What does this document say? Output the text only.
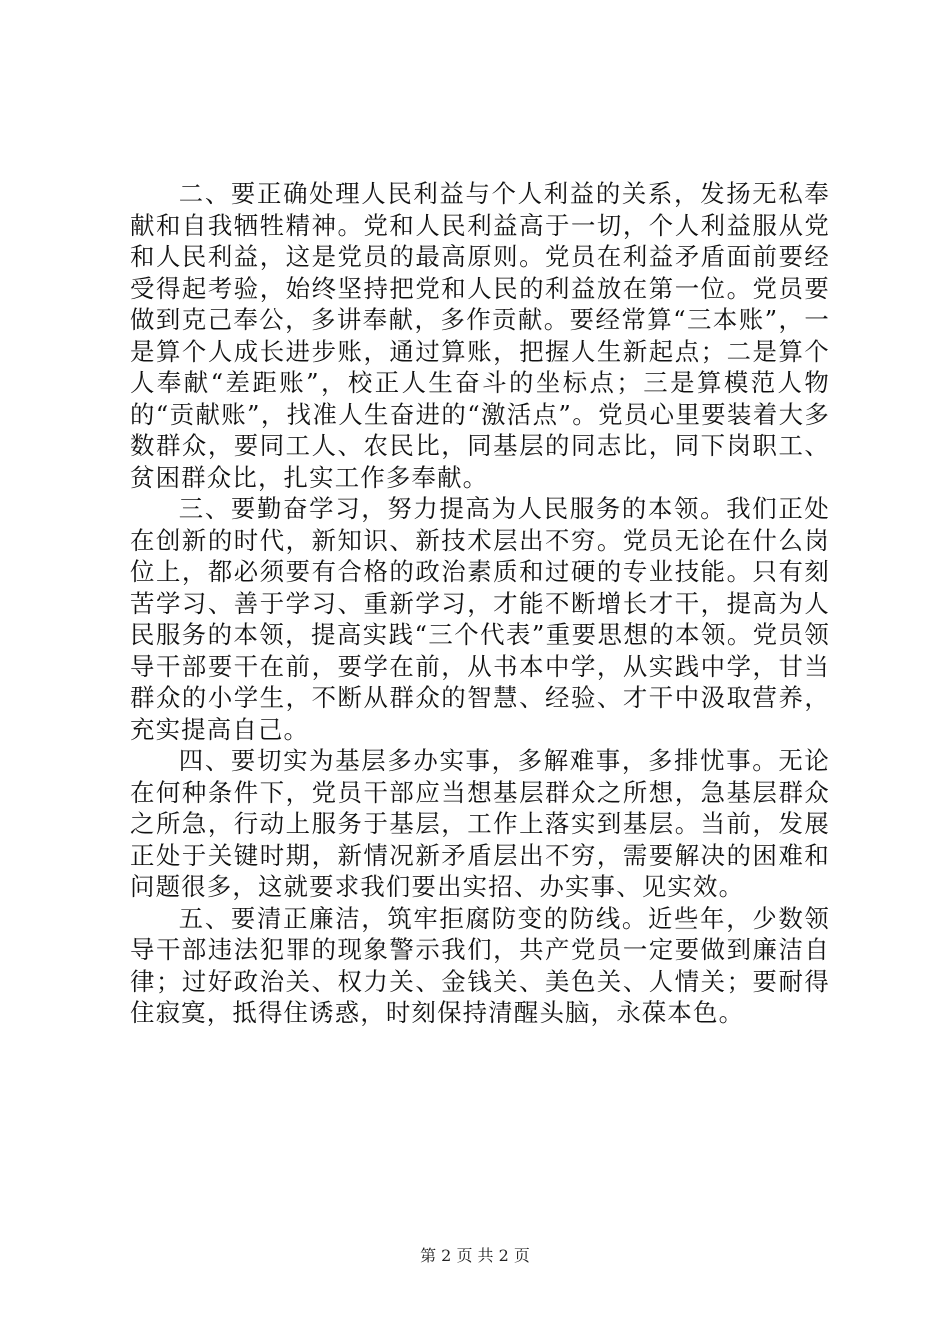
二、要正确处理人民利益与个人利益的关系，发扬无私奉献和自我牺牲精神。党和人民利益高于一切，个人利益服从党和人民利益，这是党员的最高原则。党员在利益矛盾面前要经受得起考验，始终坚持把党和人民的利益放在第一位。党员要做到克己奉公，多讲奉献，多作贡献。要经常算“三本账”，一是算个人成长进步账，通过算账，把握人生新起点；二是算个人奉献“差距账”，校正人生奋斗的坐标点；三是算模范人物的“贡献账”，找准人生奋进的“激活点”。党员心里要装着大多数群众，要同工人、农民比，同基层的同志比，同下岗职工、贫困群众比，扎实工作多奉献。

三、要勤奋学习，努力提高为人民服务的本领。我们正处在创新的时代，新知识、新技术层出不穷。党员无论在什么岗位上，都必须要有合格的政治素质和过硬的专业技能。只有刻苦学习、善于学习、重新学习，才能不断增长才干，提高为人民服务的本领，提高实践“三个代表”重要思想的本领。党员领导干部要干在前，要学在前，从书本中学，从实践中学，甘当群众的小学生，不断从群众的智慧、经验、才干中汲取营养，充实提高自己。

四、要切实为基层多办实事，多解难事，多排忧事。无论在何种条件下，党员干部应当想基层群众之所想，急基层群众之所急，行动上服务于基层，工作上落实到基层。当前，发展正处于关键时期，新情况新矛盾层出不穷，需要解决的困难和问题很多，这就要求我们要出实招、办实事、见实效。

五、要清正廉洁，筑牢拒腐防变的防线。近些年，少数领导干部违法犯罪的现象警示我们，共产党员一定要做到廉洁自律；过好政治关、权力关、金钱关、美色关、人情关；要耐得住寂寞，抵得住诱惑，时刻保持清醒头脑，永葆本色。

第 2 页 共 2 页
